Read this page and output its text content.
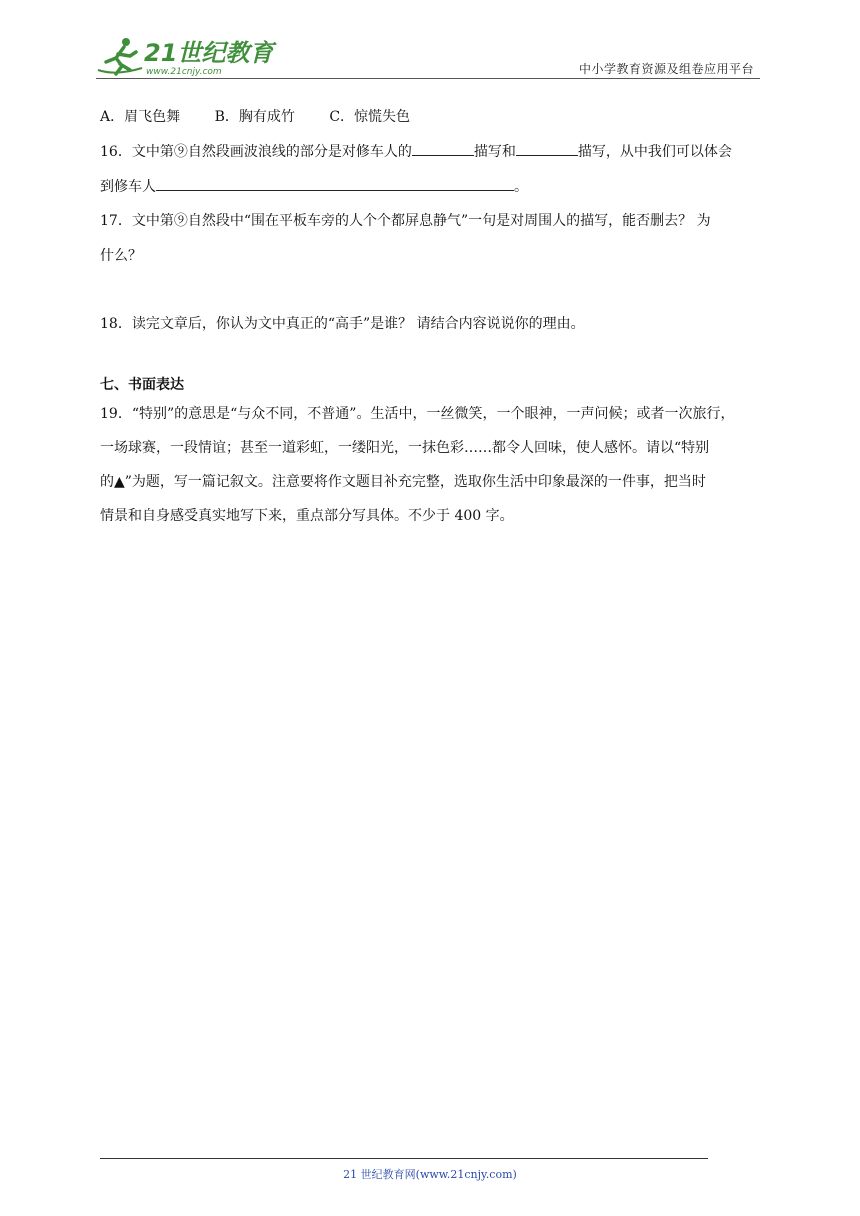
21世纪教育
www.21cnjy.com	中小学教育资源及组卷应用平台
A．眉飞色舞 B．胸有成竹 C．惊慌失色
16．文中第⑨自然段画波浪线的部分是对修车人的	描写和	描写，从中我们可以体会
到修车人	。
17．文中第⑨自然段中“围在平板车旁的人个个都屏息静气”一句是对周围人的描写，能否删去？ 为
什么？
18．读完文章后，你认为文中真正的“高手”是谁？ 请结合内容说说你的理由。
七、书面表达
19．“特别”的意思是“与众不同，不普通”。生活中，一丝微笑，一个眼神，一声问候；或者一次旅行，
一场球赛，一段情谊；甚至一道彩虹，一缕阳光，一抹色彩……都令人回味，使人感怀。请以“特别
的▲”为题，写一篇记叙文。注意要将作文题目补充完整，选取你生活中印象最深的一件事，把当时
情景和自身感受真实地写下来，重点部分写具体。不少于 400 字。
21 世纪教育网(www.21cnjy.com)
